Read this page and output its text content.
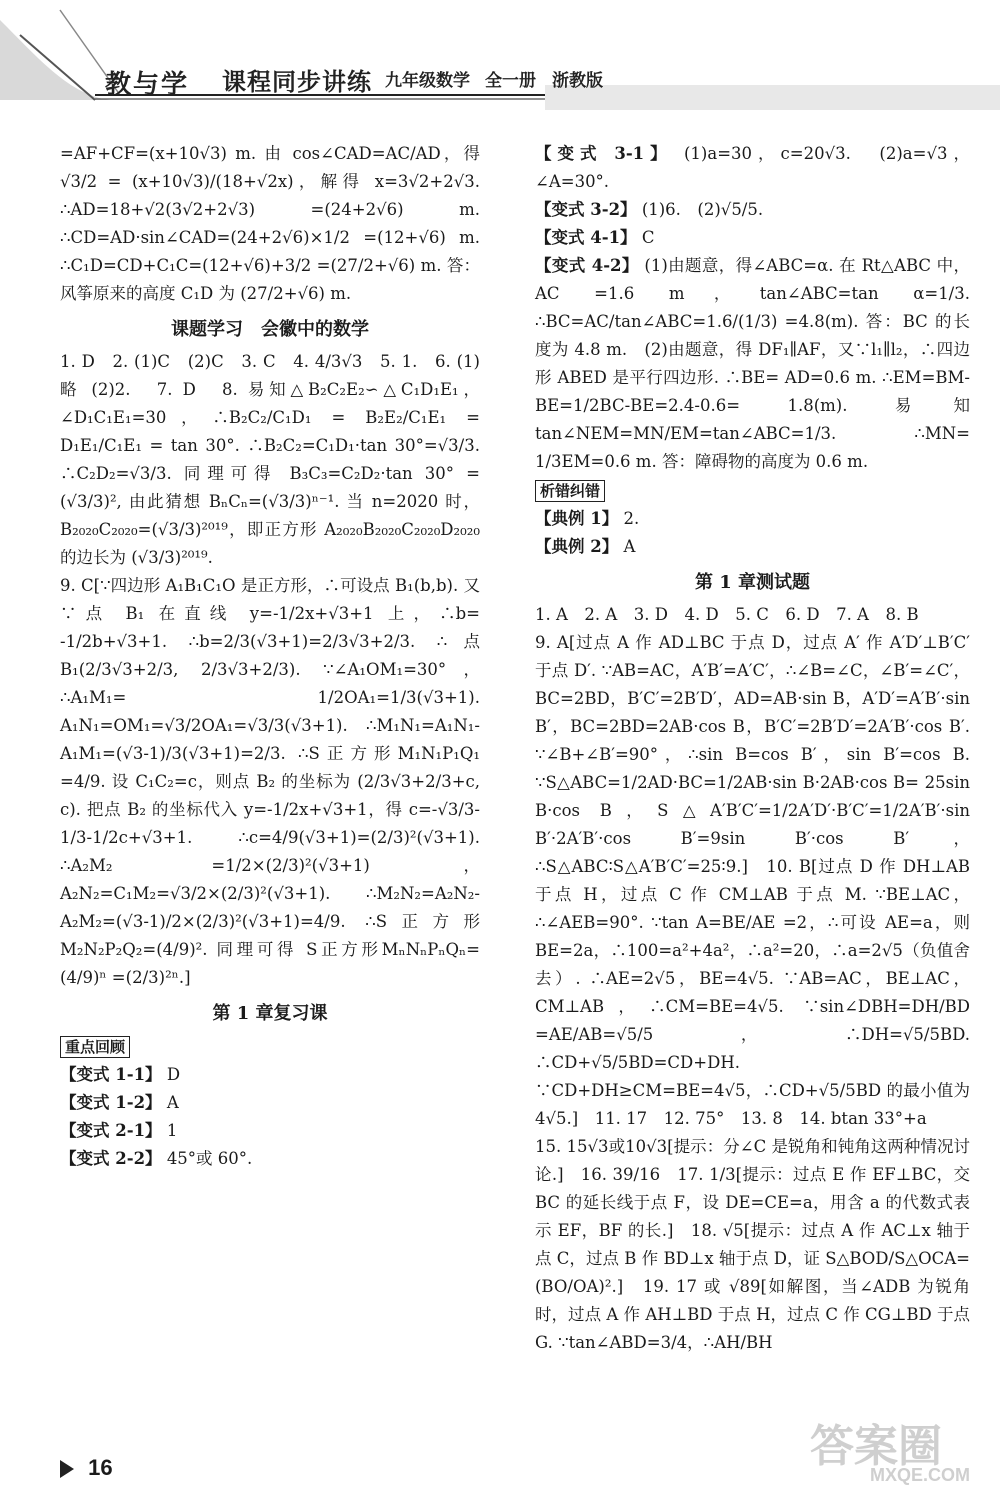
教与学 课程同步讲练 九年级数学 全一册 浙教版

=AF+CF=(x+10√3) m. 由 cos∠CAD=AC/AD，得√3/2 = (x+10√3)/(18+√2x)，解得 x=3√2+2√3. ∴AD=18+√2(3√2+2√3) =(24+2√6) m. ∴CD=AD·sin∠CAD=(24+2√6)×1/2 =(12+√6) m. ∴C₁D=CD+C₁C=(12+√6)+3/2 =(27/2+√6) m. 答：风筝原来的高度 C₁D 为 (27/2+√6) m.

课题学习　会徽中的数学

1. D　2. (1)C　(2)C　3. C　4. 4/3√3　5. 1.　6. (1)略 (2)2.　7. D　8. 易知△B₂C₂E₂∽△C₁D₁E₁，∠D₁C₁E₁=30，∴B₂C₂/C₁D₁ = B₂E₂/C₁E₁ = D₁E₁/C₁E₁ = tan 30°. ∴B₂C₂=C₁D₁·tan 30°=√3/3. ∴C₂D₂=√3/3. 同理可得 B₃C₃=C₂D₂·tan 30° =(√3/3)², 由此猜想 BₙCₙ=(√3/3)ⁿ⁻¹. 当 n=2020 时，B₂₀₂₀C₂₀₂₀=(√3/3)²⁰¹⁹，即正方形 A₂₀₂₀B₂₀₂₀C₂₀₂₀D₂₀₂₀ 的边长为 (√3/3)²⁰¹⁹.

9. C[∵四边形 A₁B₁C₁O 是正方形，∴可设点 B₁(b,b). 又∵点 B₁ 在直线 y=-1/2x+√3+1 上，∴b= -1/2b+√3+1. ∴b=2/3(√3+1)=2/3√3+2/3. ∴点 B₁(2/3√3+2/3, 2/3√3+2/3). ∵∠A₁OM₁=30°，∴A₁M₁= 1/2OA₁=1/3(√3+1). A₁N₁=OM₁=√3/2OA₁=√3/3(√3+1). ∴M₁N₁=A₁N₁-A₁M₁=(√3-1)/3(√3+1)=2/3. ∴S正方形M₁N₁P₁Q₁ =4/9. 设 C₁C₂=c，则点 B₂ 的坐标为 (2/3√3+2/3+c, c). 把点 B₂ 的坐标代入 y=-1/2x+√3+1，得 c=-√3/3-1/3-1/2c+√3+1. ∴c=4/9(√3+1)=(2/3)²(√3+1). ∴A₂M₂ =1/2×(2/3)²(√3+1)，A₂N₂=C₁M₂=√3/2×(2/3)²(√3+1). ∴M₂N₂=A₂N₂-A₂M₂=(√3-1)/2×(2/3)²(√3+1)=4/9. ∴S正方形M₂N₂P₂Q₂=(4/9)². 同理可得 S正方形MₙNₙPₙQₙ=(4/9)ⁿ =(2/3)²ⁿ.]

第 1 章复习课
重点回顾

【变式 1-1】 D

【变式 1-2】 A

【变式 2-1】 1

【变式 2-2】 45°或 60°.

【变式 3-1】 (1)a=30，c=20√3.　(2)a=√3，∠A=30°.

【变式 3-2】 (1)6.　(2)√5/5.

【变式 4-1】 C

【变式 4-2】 (1)由题意，得∠ABC=α. 在 Rt△ABC 中，AC =1.6 m，tan∠ABC=tan α=1/3. ∴BC=AC/tan∠ABC=1.6/(1/3) =4.8(m). 答：BC 的长度为 4.8 m.　(2)由题意，得 DF₁∥AF，又∵l₁∥l₂，∴四边形 ABED 是平行四边形. ∴BE= AD=0.6 m. ∴EM=BM-BE=1/2BC-BE=2.4-0.6= 1.8(m). 易知 tan∠NEM=MN/EM=tan∠ABC=1/3. ∴MN= 1/3EM=0.6 m. 答：障碍物的高度为 0.6 m.

析错纠错

【典例 1】 2.

【典例 2】 A

第 1 章测试题

1. A　2. A　3. D　4. D　5. C　6. D　7. A　8. B

9. A[过点 A 作 AD⊥BC 于点 D，过点 A′ 作 A′D′⊥B′C′ 于点 D′. ∵AB=AC，A′B′=A′C′，∴∠B=∠C，∠B′=∠C′，BC=2BD，B′C′=2B′D′，AD=AB·sin B，A′D′=A′B′·sin B′，BC=2BD=2AB·cos B，B′C′=2B′D′=2A′B′·cos B′. ∵∠B+∠B′=90°，∴sin B=cos B′，sin B′=cos B. ∵S△ABC=1/2AD·BC=1/2AB·sin B·2AB·cos B= 25sin B·cos B，S△A′B′C′=1/2A′D′·B′C′=1/2A′B′·sin B′·2A′B′·cos B′=9sin B′·cos B′，∴S△ABC∶S△A′B′C′=25∶9.]　10. B[过点 D 作 DH⊥AB 于点 H，过点 C 作 CM⊥AB 于点 M. ∵BE⊥AC，∴∠AEB=90°. ∵tan A=BE/AE =2，∴可设 AE=a，则 BE=2a，∴100=a²+4a²，∴a²=20，∴a=2√5（负值舍去）. ∴AE=2√5，BE=4√5. ∵AB=AC，BE⊥AC，CM⊥AB，∴CM=BE=4√5. ∵sin∠DBH=DH/BD =AE/AB=√5/5，∴DH=√5/5BD. ∴CD+√5/5BD=CD+DH. ∵CD+DH≥CM=BE=4√5，∴CD+√5/5BD 的最小值为 4√5.]　11. 17　12. 75°　13. 8　14. btan 33°+a

15. 15√3或10√3[提示：分∠C 是锐角和钝角这两种情况讨论.]　16. 39/16　17. 1/3[提示：过点 E 作 EF⊥BC，交 BC 的延长线于点 F，设 DE=CE=a，用含 a 的代数式表示 EF，BF 的长.]　18. √5[提示：过点 A 作 AC⊥x 轴于点 C，过点 B 作 BD⊥x 轴于点 D，证 S△BOD/S△OCA=(BO/OA)².]　19. 17 或 √89[如解图，当∠ADB 为锐角时，过点 A 作 AH⊥BD 于点 H，过点 C 作 CG⊥BD 于点 G. ∵tan∠ABD=3/4，∴AH/BH

16	答案圈
MXQE.COM
